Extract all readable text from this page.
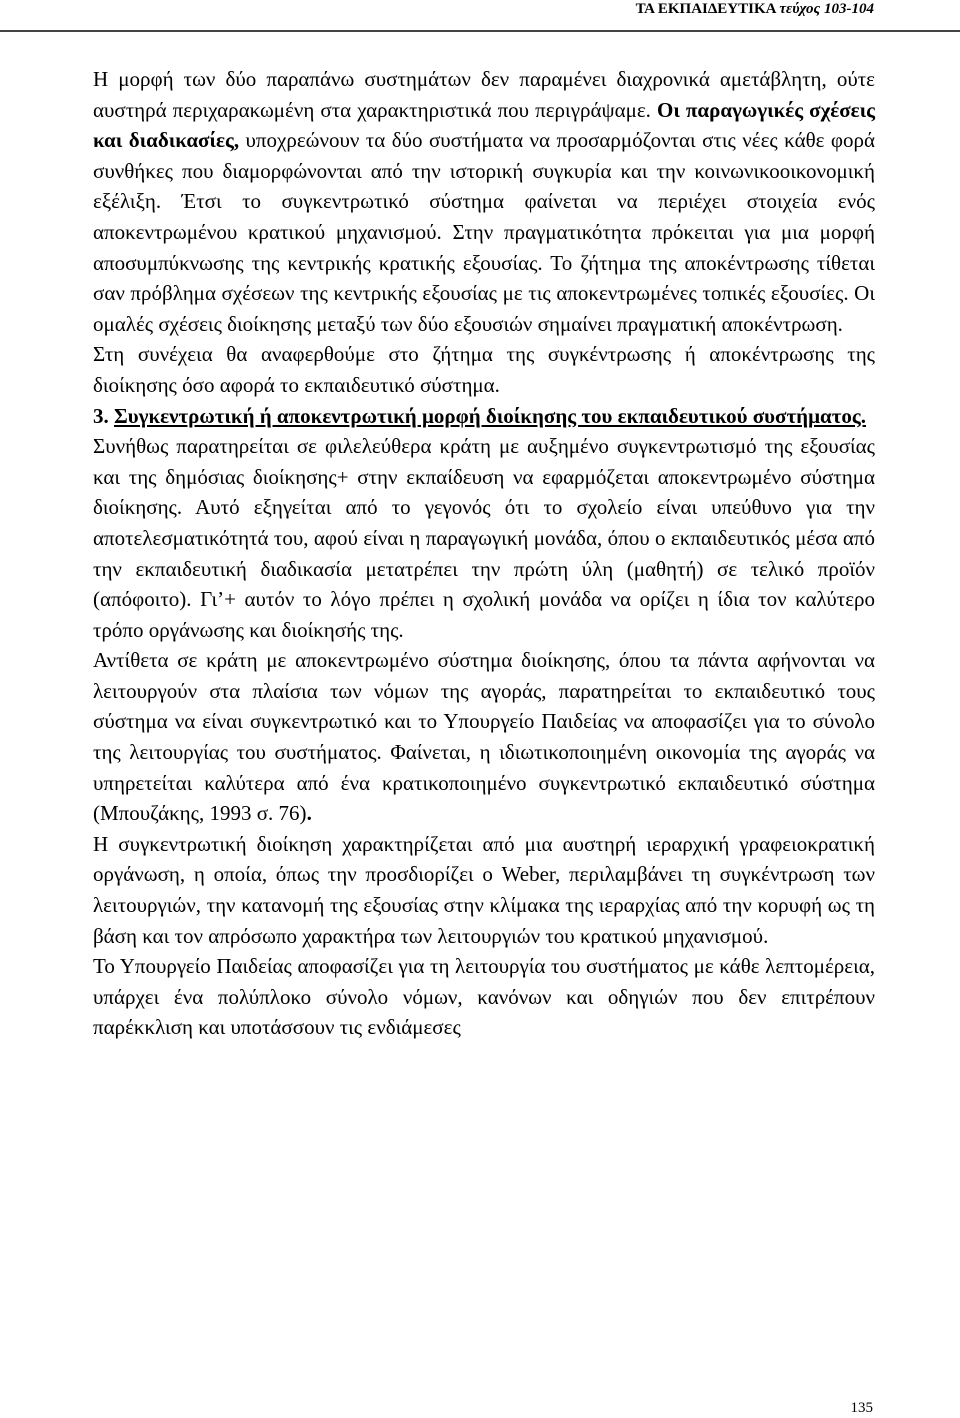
ΤΑ ΕΚΠΑΙΔΕΥΤΙΚΑ τεύχος 103-104

Η μορφή των δύο παραπάνω συστημάτων δεν παραμένει διαχρονικά αμετάβλητη, ούτε αυστηρά περιχαρακωμένη στα χαρακτηριστικά που περιγράψαμε. Οι παραγωγικές σχέσεις και διαδικασίες, υποχρεώνουν τα δύο συστήματα να προσαρμόζονται στις νέες κάθε φορά συνθήκες που διαμορφώνονται από την ιστορική συγκυρία και την κοινωνικοοικονομική εξέλιξη. Έτσι το συγκεντρωτικό σύστημα φαίνεται να περιέχει στοιχεία ενός αποκεντρωμένου κρατικού μηχανισμού. Στην πραγματικότητα πρόκειται για μια μορφή αποσυμπύκνωσης της κεντρικής κρατικής εξουσίας. Το ζήτημα της αποκέντρωσης τίθεται σαν πρόβλημα σχέσεων της κεντρικής εξουσίας με τις αποκεντρωμένες τοπικές εξουσίες. Οι ομαλές σχέσεις διοίκησης μεταξύ των δύο εξουσιών σημαίνει πραγματική αποκέντρωση.

Στη συνέχεια θα αναφερθούμε στο ζήτημα της συγκέντρωσης ή αποκέντρωσης της διοίκησης όσο αφορά το εκπαιδευτικό σύστημα.

3. Συγκεντρωτική ή αποκεντρωτική μορφή διοίκησης του εκπαιδευτικού συστήματος.

Συνήθως παρατηρείται σε φιλελεύθερα κράτη με αυξημένο συγκεντρωτισμό της εξουσίας και της δημόσιας διοίκησης+ στην εκπαίδευση να εφαρμόζεται αποκεντρωμένο σύστημα διοίκησης. Αυτό εξηγείται από το γεγονός ότι το σχολείο είναι υπεύθυνο για την αποτελεσματικότητά του, αφού είναι η παραγωγική μονάδα, όπου ο εκπαιδευτικός μέσα από την εκπαιδευτική διαδικασία μετατρέπει την πρώτη ύλη (μαθητή) σε τελικό προϊόν (απόφοιτο). Γι’+ αυτόν το λόγο πρέπει η σχολική μονάδα να ορίζει η ίδια τον καλύτερο τρόπο οργάνωσης και διοίκησής της.

Αντίθετα σε κράτη με αποκεντρωμένο σύστημα διοίκησης, όπου τα πάντα αφήνονται να λειτουργούν στα πλαίσια των νόμων της αγοράς, παρατηρείται το εκπαιδευτικό τους σύστημα να είναι συγκεντρωτικό και το Υπουργείο Παιδείας να αποφασίζει για το σύνολο της λειτουργίας του συστήματος. Φαίνεται, η ιδιωτικοποιημένη οικονομία της αγοράς να υπηρετείται καλύτερα από ένα κρατικοποιημένο συγκεντρωτικό εκπαιδευτικό σύστημα (Μπουζάκης, 1993 σ. 76).

Η συγκεντρωτική διοίκηση χαρακτηρίζεται από μια αυστηρή ιεραρχική γραφειοκρατική οργάνωση, η οποία, όπως την προσδιορίζει ο Weber, περιλαμβάνει τη συγκέντρωση των λειτουργιών, την κατανομή της εξουσίας στην κλίμακα της ιεραρχίας από την κορυφή ως τη βάση και τον απρόσωπο χαρακτήρα των λειτουργιών του κρατικού μηχανισμού.

Το Υπουργείο Παιδείας αποφασίζει για τη λειτουργία του συστήματος με κάθε λεπτομέρεια, υπάρχει ένα πολύπλοκο σύνολο νόμων, κανόνων και οδηγιών που δεν επιτρέπουν παρέκκλιση και υποτάσσουν τις ενδιάμεσες

135
